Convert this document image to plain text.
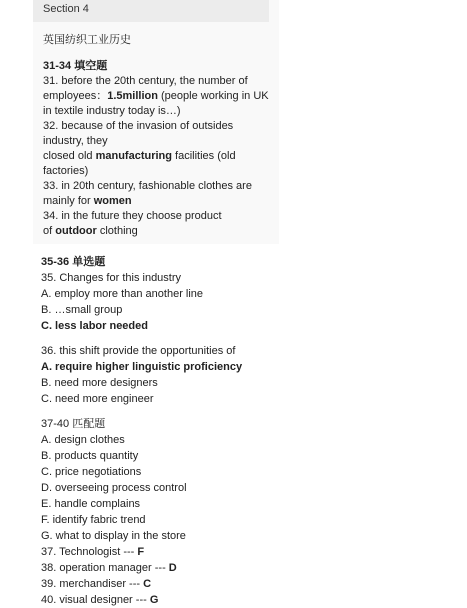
Section 4
英国纺织工业历史
31-34 填空题
31. before the 20th century, the number of employees：1.5million (people working in UK in textile industry today is…)
32. because of the invasion of outsides industry, they
closed old manufacturing facilities (old factories)
33. in 20th century, fashionable clothes are
mainly for women
34. in the future they choose product
of outdoor clothing
35-36 单选题
35. Changes for this industry
A. employ more than another line
B. …small group
C. less labor needed
36. this shift provide the opportunities of
A. require higher linguistic proficiency
B. need more designers
C. need more engineer
37-40 匹配题
A. design clothes
B. products quantity
C. price negotiations
D. overseeing process control
E. handle complains
F. identify fabric trend
G. what to display in the store
37. Technologist --- F
38. operation manager --- D
39. merchandiser --- C
40. visual designer --- G
